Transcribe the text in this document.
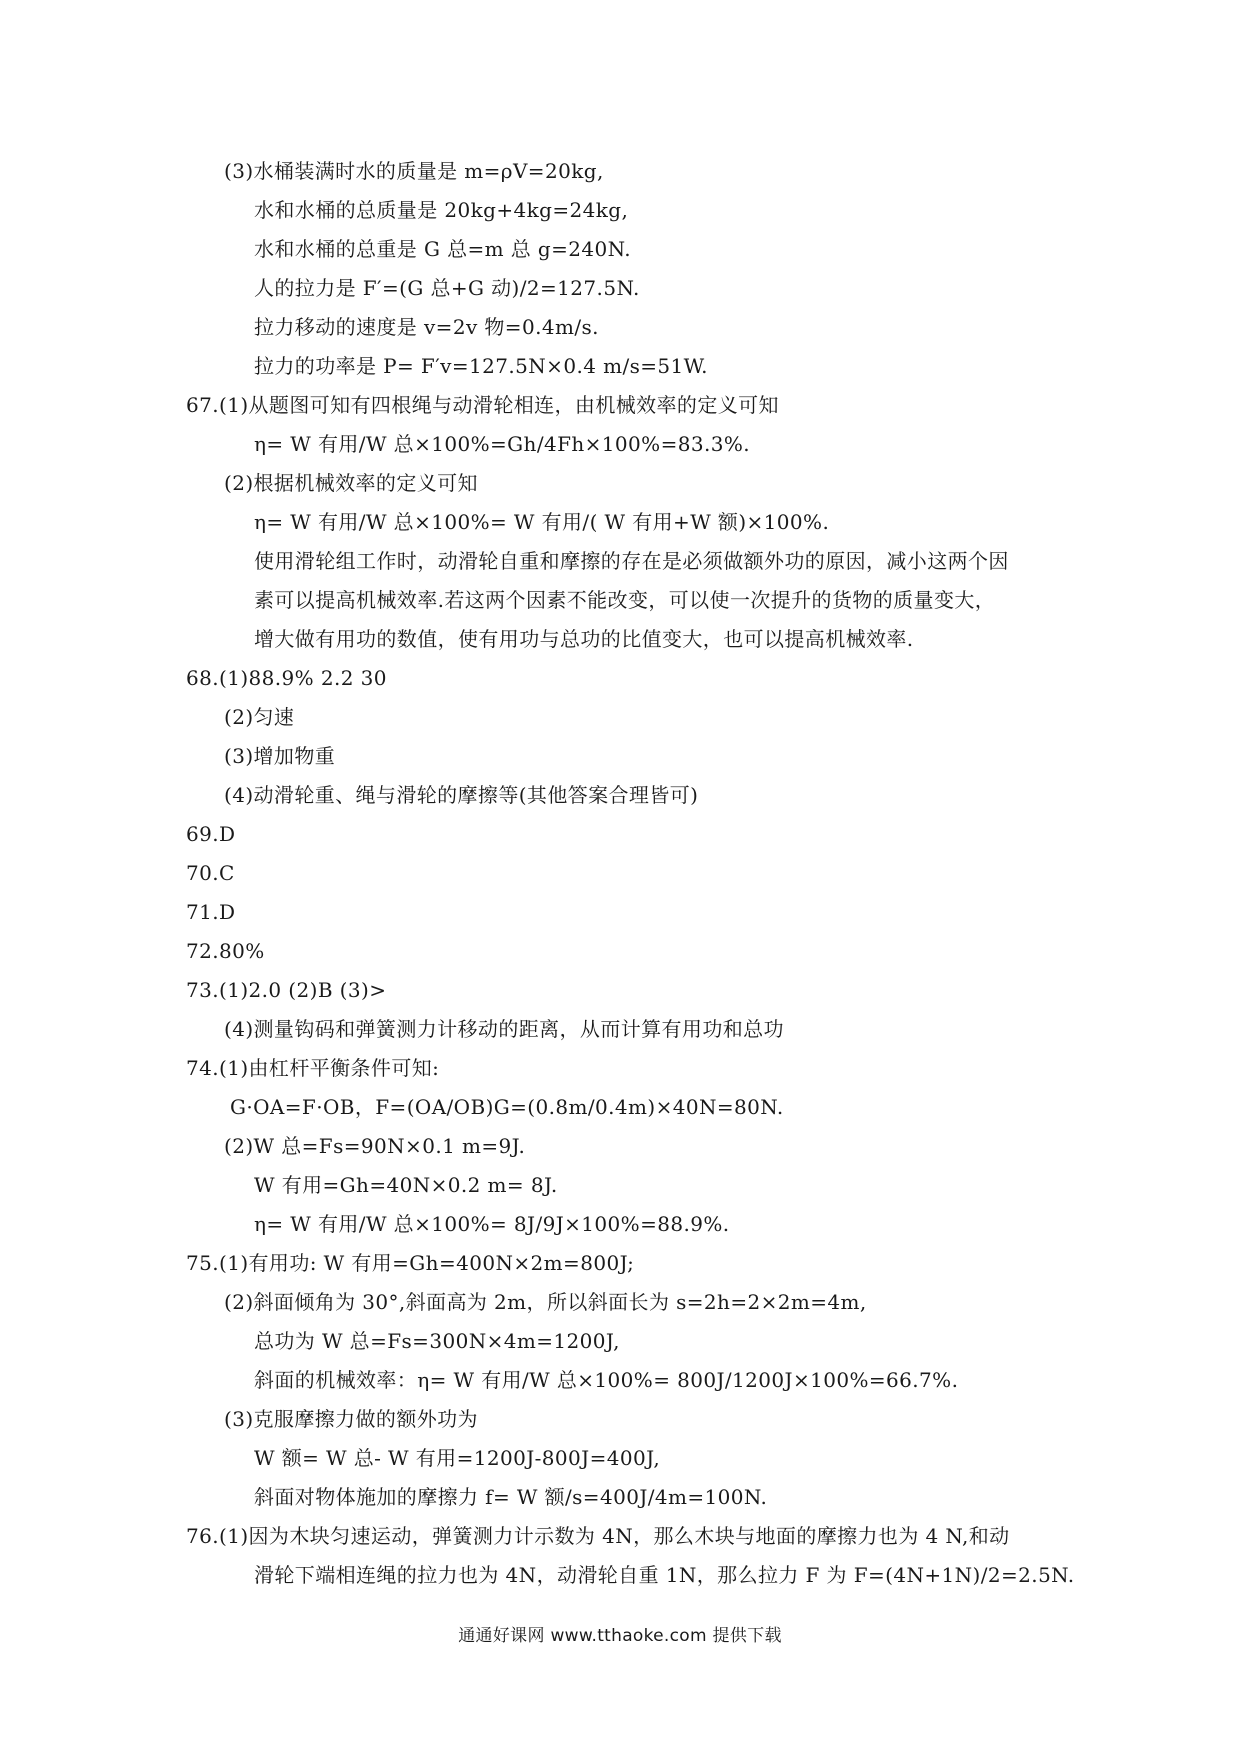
(3)水桶装满时水的质量是 m=ρV=20kg,
水和水桶的总质量是 20kg+4kg=24kg,
水和水桶的总重是 G 总=m 总 g=240N.
人的拉力是 F′=(G 总+G 动)/2=127.5N.
拉力移动的速度是 v=2v 物=0.4m/s.
拉力的功率是 P= F′v=127.5N×0.4 m/s=51W.
67.(1)从题图可知有四根绳与动滑轮相连，由机械效率的定义可知
η= W 有用/W 总×100%=Gh/4Fh×100%=83.3%.
(2)根据机械效率的定义可知
η= W 有用/W 总×100%= W 有用/( W 有用+W 额)×100%.
使用滑轮组工作时，动滑轮自重和摩擦的存在是必须做额外功的原因，减小这两个因
素可以提高机械效率.若这两个因素不能改变，可以使一次提升的货物的质量变大，
增大做有用功的数值，使有用功与总功的比值变大，也可以提高机械效率.
68.(1)88.9% 2.2 30
(2)匀速
(3)增加物重
(4)动滑轮重、绳与滑轮的摩擦等(其他答案合理皆可)
69.D
70.C
71.D
72.80%
73.(1)2.0 (2)B (3)>
(4)测量钩码和弹簧测力计移动的距离，从而计算有用功和总功
74.(1)由杠杆平衡条件可知:
G·OA=F·OB，F=(OA/OB)G=(0.8m/0.4m)×40N=80N.
(2)W 总=Fs=90N×0.1 m=9J.
W 有用=Gh=40N×0.2 m= 8J.
η= W 有用/W 总×100%= 8J/9J×100%=88.9%.
75.(1)有用功: W 有用=Gh=400N×2m=800J;
(2)斜面倾角为 30°,斜面高为 2m，所以斜面长为 s=2h=2×2m=4m,
总功为 W 总=Fs=300N×4m=1200J,
斜面的机械效率：η= W 有用/W 总×100%= 800J/1200J×100%=66.7%.
(3)克服摩擦力做的额外功为
W 额= W 总- W 有用=1200J-800J=400J,
斜面对物体施加的摩擦力 f= W 额/s=400J/4m=100N.
76.(1)因为木块匀速运动，弹簧测力计示数为 4N，那么木块与地面的摩擦力也为 4 N,和动
滑轮下端相连绳的拉力也为 4N，动滑轮自重 1N，那么拉力 F 为 F=(4N+1N)/2=2.5N.
通通好课网 www.tthaoke.com 提供下载
